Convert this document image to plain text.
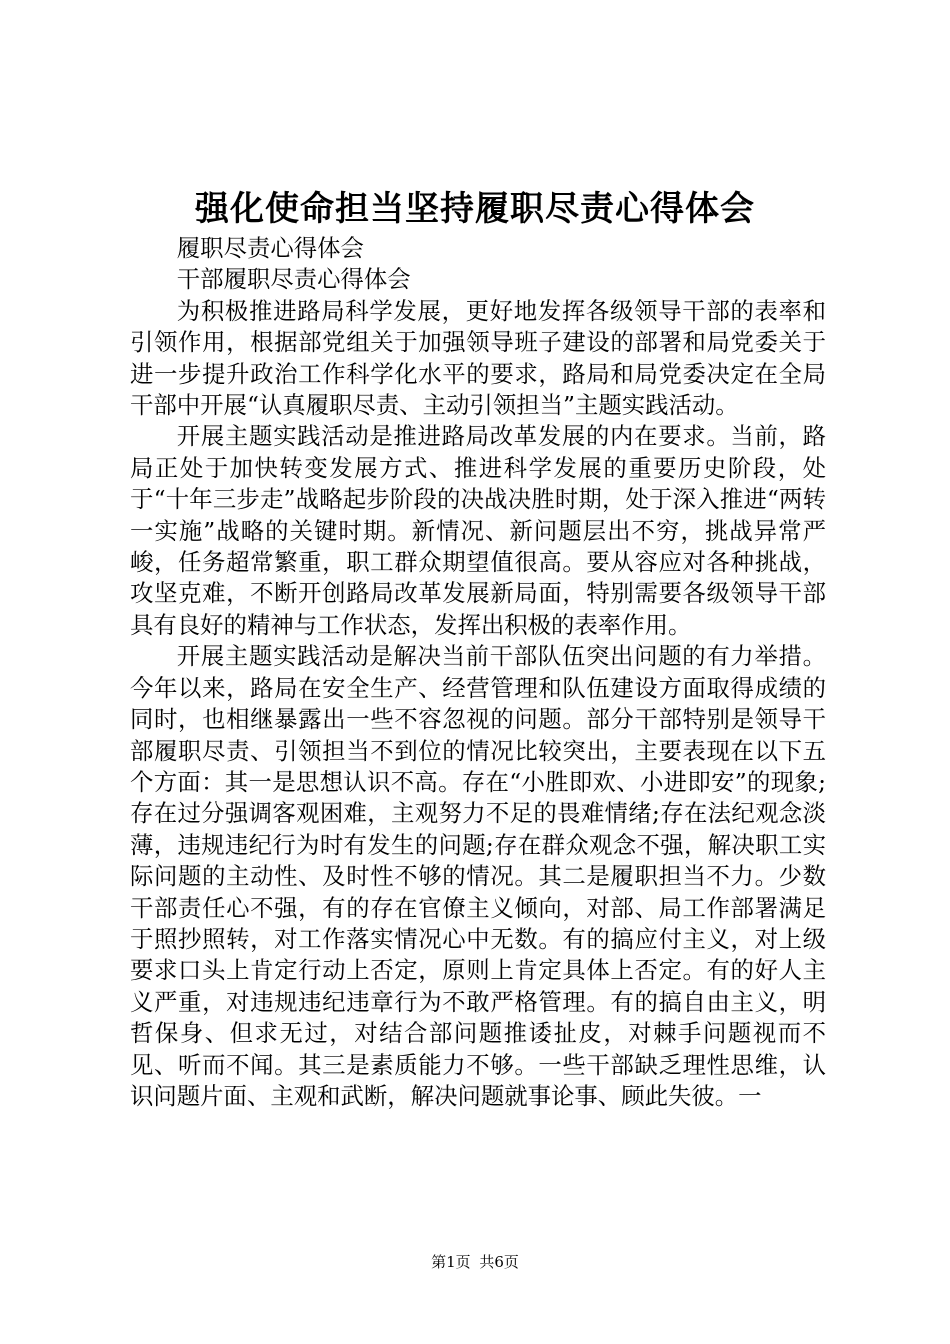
强化使命担当坚持履职尽责心得体会

履职尽责心得体会

干部履职尽责心得体会

为积极推进路局科学发展，更好地发挥各级领导干部的表率和引领作用，根据部党组关于加强领导班子建设的部署和局党委关于进一步提升政治工作科学化水平的要求，路局和局党委决定在全局干部中开展“认真履职尽责、主动引领担当”主题实践活动。

开展主题实践活动是推进路局改革发展的内在要求。当前，路局正处于加快转变发展方式、推进科学发展的重要历史阶段，处于“十年三步走”战略起步阶段的决战决胜时期，处于深入推进“两转一实施”战略的关键时期。新情况、新问题层出不穷，挑战异常严峻，任务超常繁重，职工群众期望值很高。要从容应对各种挑战，攻坚克难，不断开创路局改革发展新局面，特别需要各级领导干部具有良好的精神与工作状态，发挥出积极的表率作用。

开展主题实践活动是解决当前干部队伍突出问题的有力举措。今年以来，路局在安全生产、经营管理和队伍建设方面取得成绩的同时，也相继暴露出一些不容忽视的问题。部分干部特别是领导干部履职尽责、引领担当不到位的情况比较突出，主要表现在以下五个方面：其一是思想认识不高。存在“小胜即欢、小进即安”的现象;存在过分强调客观困难，主观努力不足的畏难情绪;存在法纪观念淡薄，违规违纪行为时有发生的问题;存在群众观念不强，解决职工实际问题的主动性、及时性不够的情况。其二是履职担当不力。少数干部责任心不强，有的存在官僚主义倾向，对部、局工作部署满足于照抄照转，对工作落实情况心中无数。有的搞应付主义，对上级要求口头上肯定行动上否定，原则上肯定具体上否定。有的好人主义严重，对违规违纪违章行为不敢严格管理。有的搞自由主义，明哲保身、但求无过，对结合部问题推诿扯皮，对棘手问题视而不见、听而不闻。其三是素质能力不够。一些干部缺乏理性思维，认识问题片面、主观和武断，解决问题就事论事、顾此失彼。一

第1页 共6页
